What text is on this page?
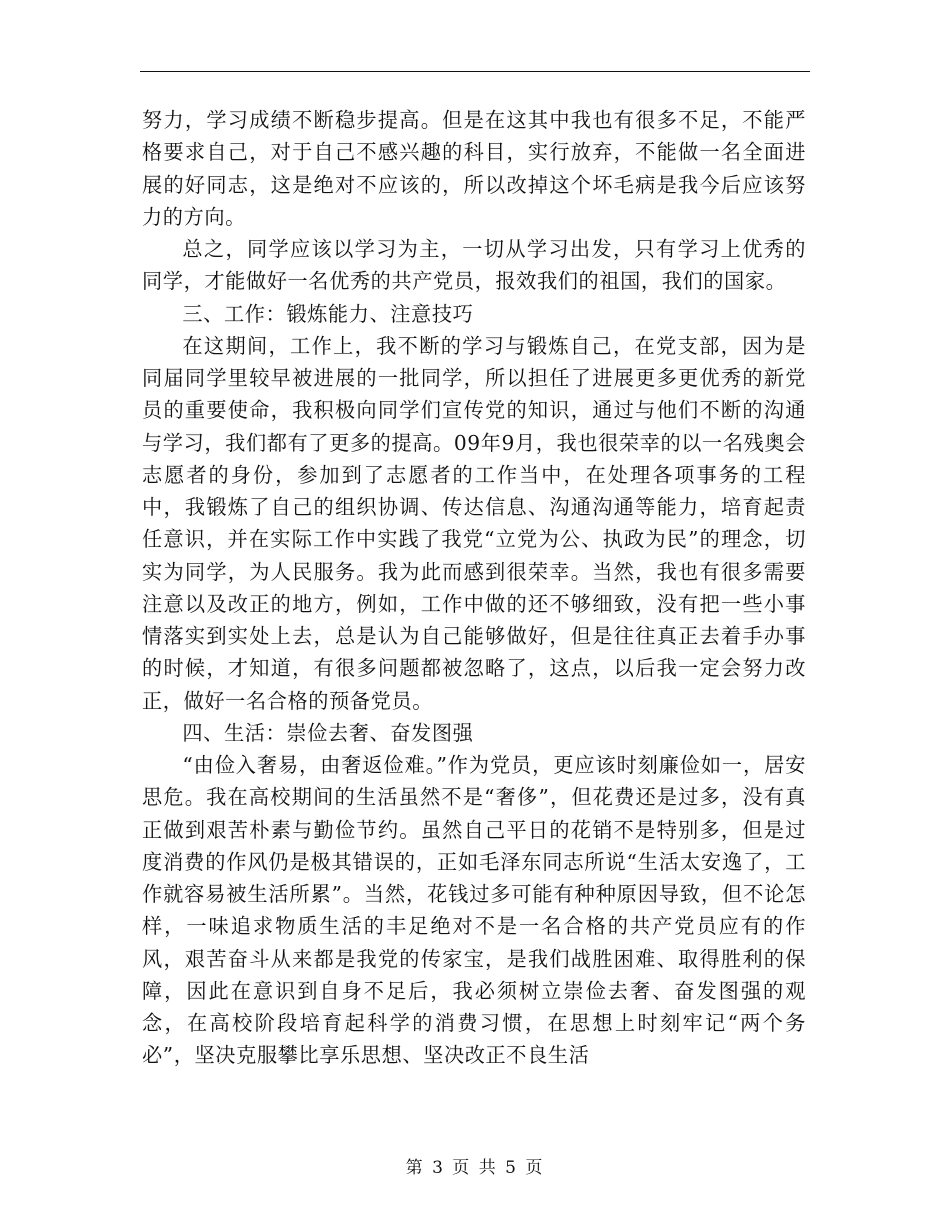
努力，学习成绩不断稳步提高。但是在这其中我也有很多不足，不能严格要求自己，对于自己不感兴趣的科目，实行放弃，不能做一名全面进展的好同志，这是绝对不应该的，所以改掉这个坏毛病是我今后应该努力的方向。

总之，同学应该以学习为主，一切从学习出发，只有学习上优秀的同学，才能做好一名优秀的共产党员，报效我们的祖国，我们的国家。

三、工作：锻炼能力、注意技巧

在这期间，工作上，我不断的学习与锻炼自己，在党支部，因为是同届同学里较早被进展的一批同学，所以担任了进展更多更优秀的新党员的重要使命，我积极向同学们宣传党的知识，通过与他们不断的沟通与学习，我们都有了更多的提高。09年9月，我也很荣幸的以一名残奥会志愿者的身份，参加到了志愿者的工作当中，在处理各项事务的工程中，我锻炼了自己的组织协调、传达信息、沟通沟通等能力，培育起责任意识，并在实际工作中实践了我党“立党为公、执政为民”的理念，切实为同学，为人民服务。我为此而感到很荣幸。当然，我也有很多需要注意以及改正的地方，例如，工作中做的还不够细致，没有把一些小事情落实到实处上去，总是认为自己能够做好，但是往往真正去着手办事的时候，才知道，有很多问题都被忽略了，这点，以后我一定会努力改正，做好一名合格的预备党员。

四、生活：崇俭去奢、奋发图强

“由俭入奢易，由奢返俭难。”作为党员，更应该时刻廉俭如一，居安思危。我在高校期间的生活虽然不是“奢侈”，但花费还是过多，没有真正做到艰苦朴素与勤俭节约。虽然自己平日的花销不是特别多，但是过度消费的作风仍是极其错误的，正如毛泽东同志所说“生活太安逸了，工作就容易被生活所累”。当然，花钱过多可能有种种原因导致，但不论怎样，一味追求物质生活的丰足绝对不是一名合格的共产党员应有的作风，艰苦奋斗从来都是我党的传家宝，是我们战胜困难、取得胜利的保障，因此在意识到自身不足后，我必须树立崇俭去奢、奋发图强的观念，在高校阶段培育起科学的消费习惯，在思想上时刻牢记“两个务必”，坚决克服攀比享乐思想、坚决改正不良生活

第 3 页 共 5 页
